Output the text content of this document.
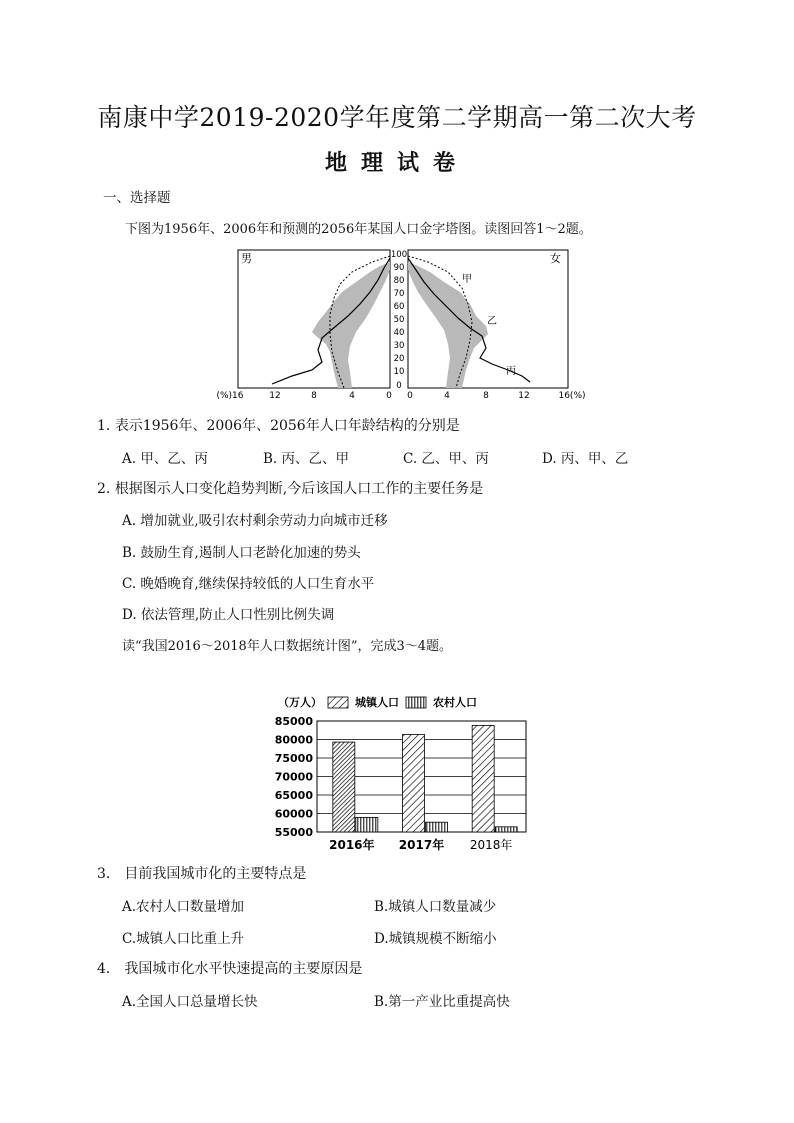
南康中学2019-2020学年度第二学期高一第二次大考
地理试卷
一、选择题
下图为1956年、2006年和预测的2056年某国人口金字塔图。读图回答1～2题。
男	女
甲
乙
丙
100
90
80
70
60
50
40
30
20
10
0
(%)16	12	8	4	0 0	4	8	12	16(%)
1. 表示1956年、2006年、2056年人口年龄结构的分别是
A. 甲、乙、丙	B. 丙、乙、甲	C. 乙、甲、丙	D. 丙、甲、乙
2. 根据图示人口变化趋势判断,今后该国人口工作的主要任务是
A. 增加就业,吸引农村剩余劳动力向城市迁移
B. 鼓励生育,遏制人口老龄化加速的势头
C. 晚婚晚育,继续保持较低的人口生育水平
D. 依法管理,防止人口性别比例失调
读“我国2016～2018年人口数据统计图”，完成3～4题。
（万人）	城镇人口	农村人口
85000
80000
75000
70000
65000
60000
55000
2016年 2017年 2018年
3． 目前我国城市化的主要特点是
A.农村人口数量增加	B.城镇人口数量减少
C.城镇人口比重上升	D.城镇规模不断缩小
4． 我国城市化水平快速提高的主要原因是
A.全国人口总量增长快	B.第一产业比重提高快
